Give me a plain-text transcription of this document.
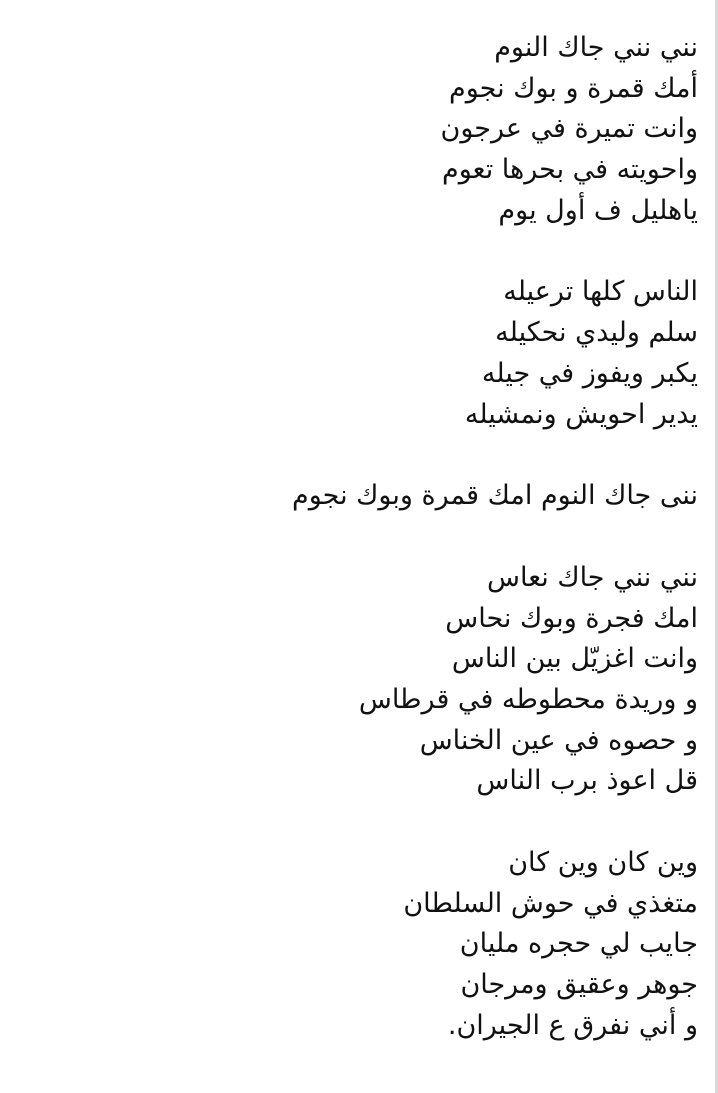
نني نني جاك النوم
أمك قمرة و بوك نجوم
وانت تميرة في عرجون
واحويته في بحرها تعوم
ياهليل ف أول يوم
الناس كلها ترعيله
سلم وليدي نحكيله
يكبر ويفوز في جيله
يدير احويش ونمشيله
ننى جاك النوم امك قمرة وبوك نجوم
نني نني جاك نعاس
امك فجرة وبوك نحاس
وانت اغزيّل بين الناس
و وريدة محطوطه في قرطاس
و حصوه في عين الخناس
قل اعوذ برب الناس
وين كان وين كان
متغذي في حوش السلطان
جايب لي حجره مليان
جوهر وعقيق ومرجان
و أني نفرق ع الجيران.
